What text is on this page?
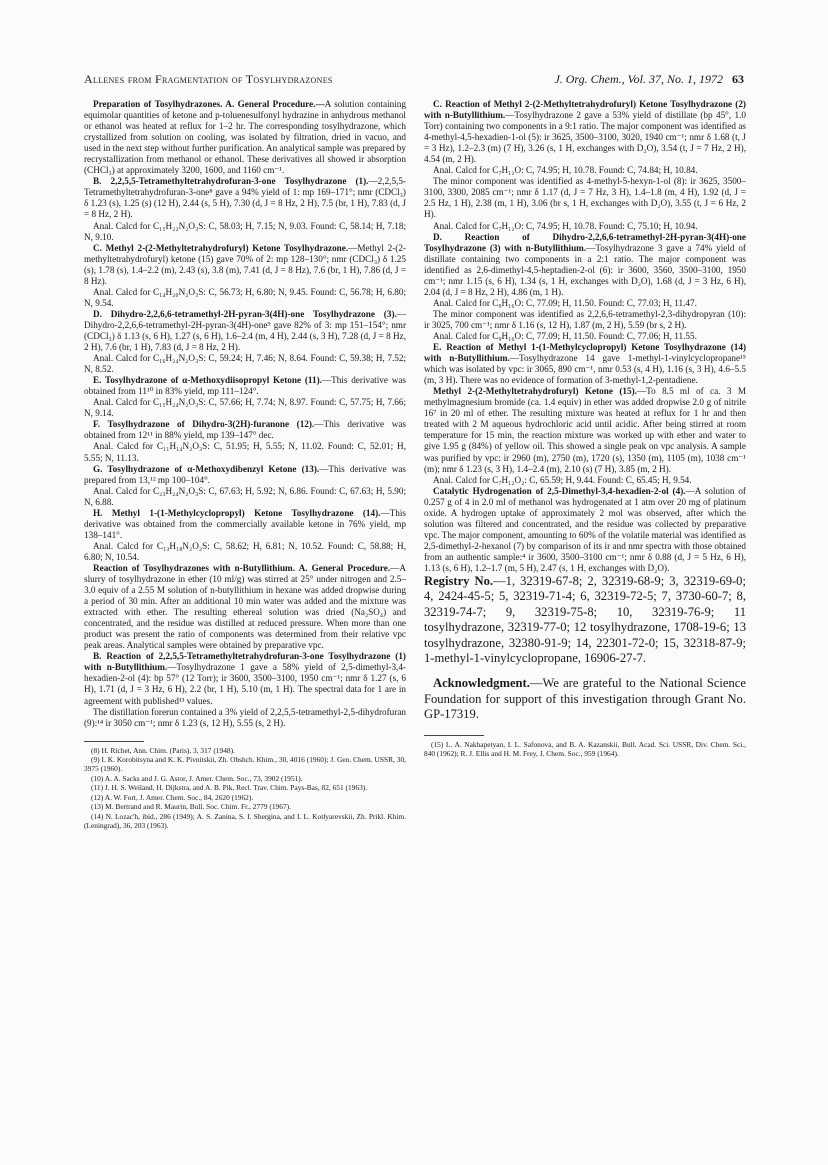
Allenes from Fragmentation of Tosylhydrazones	J. Org. Chem., Vol. 37, No. 1, 1972 63

Preparation of Tosylhydrazones. A. General Procedure.—A solution containing equimolar quantities of ketone and p-toluenesulfonyl hydrazine in anhydrous methanol or ethanol was heated at reflux for 1–2 hr. The corresponding tosylhydrazone, which crystallized from solution on cooling, was isolated by filtration, dried in vacuo, and used in the next step without further purification. An analytical sample was prepared by recrystallization from methanol or ethanol. These derivatives all showed ir absorption (CHCl₃) at approximately 3200, 1600, and 1160 cm⁻¹.

B. 2,2,5,5-Tetramethyltetrahydrofuran-3-one Tosylhydrazone (1).—2,2,5,5-Tetramethyltetrahydrofuran-3-one⁸ gave a 94% yield of 1: mp 169–171°; nmr (CDCl₃) δ 1.23 (s), 1.25 (s) (12 H), 2.44 (s, 5 H), 7.30 (d, J = 8 Hz, 2 H), 7.5 (br, 1 H), 7.83 (d, J = 8 Hz, 2 H).

Anal. Calcd for C₁₅H₂₂N₂O₃S: C, 58.03; H, 7.15; N, 9.03. Found: C, 58.14; H, 7.18; N, 9.10.

C. Methyl 2-(2-Methyltetrahydrofuryl) Ketone Tosylhydrazone.—Methyl 2-(2-methyltetrahydrofuryl) ketone (15) gave 70% of 2: mp 128–130°; nmr (CDCl₃) δ 1.25 (s), 1.78 (s), 1.4–2.2 (m), 2.43 (s), 3.8 (m), 7.41 (d, J = 8 Hz), 7.6 (br, 1 H), 7.86 (d, J = 8 Hz).

Anal. Calcd for C₁₄H₂₀N₂O₃S: C, 56.73; H, 6.80; N, 9.45. Found: C, 56.78; H, 6.80; N, 9.54.

D. Dihydro-2,2,6,6-tetramethyl-2H-pyran-3(4H)-one Tosylhydrazone (3).—Dihydro-2,2,6,6-tetramethyl-2H-pyran-3(4H)-one⁹ gave 82% of 3: mp 151–154°; nmr (CDCl₃) δ 1.13 (s, 6 H), 1.27 (s, 6 H), 1.6–2.4 (m, 4 H), 2.44 (s, 3 H), 7.28 (d, J = 8 Hz, 2 H), 7.6 (br, 1 H), 7.83 (d, J = 8 Hz, 2 H).

Anal. Calcd for C₁₆H₂₄N₂O₃S: C, 59.24; H, 7.46; N, 8.64. Found: C, 59.38; H, 7.52; N, 8.52.

E. Tosylhydrazone of α-Methoxydiisopropyl Ketone (11).—This derivative was obtained from 11¹⁰ in 83% yield, mp 111–124°.

Anal. Calcd for C₁₅H₂₄N₂O₃S: C, 57.66; H, 7.74; N, 8.97. Found: C, 57.75; H, 7.66; N, 9.14.

F. Tosylhydrazone of Dihydro-3(2H)-furanone (12).—This derivative was obtained from 12¹¹ in 88% yield, mp 139–147° dec.

Anal. Calcd for C₁₁H₁₄N₂O₃S: C, 51.95; H, 5.55; N, 11.02. Found: C, 52.01; H, 5.55; N, 11.13.

G. Tosylhydrazone of α-Methoxydibenzyl Ketone (13).—This derivative was prepared from 13,¹² mp 100–104°.

Anal. Calcd for C₂₃H₂₄N₂O₃S: C, 67.63; H, 5.92; N, 6.86. Found: C, 67.63; H, 5.90; N, 6.88.

H. Methyl 1-(1-Methylcyclopropyl) Ketone Tosylhydrazone (14).—This derivative was obtained from the commercially available ketone in 76% yield, mp 138–141°.

Anal. Calcd for C₁₃H₁₈N₂O₂S: C, 58.62; H, 6.81; N, 10.52. Found: C, 58.88; H, 6.80; N, 10.54.

Reaction of Tosylhydrazones with n-Butyllithium. A. General Procedure.—A slurry of tosylhydrazone in ether (10 ml/g) was stirred at 25° under nitrogen and 2.5–3.0 equiv of a 2.55 M solution of n-butyllithium in hexane was added dropwise during a period of 30 min. After an additional 10 min water was added and the mixture was extracted with ether. The resulting ethereal solution was dried (Na₂SO₄) and concentrated, and the residue was distilled at reduced pressure. When more than one product was present the ratio of components was determined from their relative vpc peak areas. Analytical samples were obtained by preparative vpc.

B. Reaction of 2,2,5,5-Tetramethyltetrahydrofuran-3-one Tosylhydrazone (1) with n-Butyllithium.—Tosylhydrazone 1 gave a 58% yield of 2,5-dimethyl-3,4-hexadien-2-ol (4): bp 57° (12 Torr); ir 3600, 3500–3100, 1950 cm⁻¹; nmr δ 1.27 (s, 6 H), 1.71 (d, J = 3 Hz, 6 H), 2.2 (br, 1 H), 5.10 (m, 1 H). The spectral data for 1 are in agreement with published¹³ values.

The distillation forerun contained a 3% yield of 2,2,5,5-tetramethyl-2,5-dihydrofuran (9):¹⁴ ir 3050 cm⁻¹; nmr δ 1.23 (s, 12 H), 5.55 (s, 2 H).

(8) H. Richet, Ann. Chim. (Paris), 3, 317 (1948).

(9) I. K. Korobitsyna and K. K. Pivnitskii, Zh. Obshch. Khim., 30, 4016 (1960); J. Gen. Chem. USSR, 30, 3975 (1960).

(10) A. A. Sacks and J. G. Astor, J. Amer. Chem. Soc., 73, 3902 (1951).

(11) J. H. S. Weiland, H. Dijkstra, and A. B. Pik, Recl. Trav. Chim. Pays-Bas, 82, 651 (1963).

(12) A. W. Fort, J. Amer. Chem. Soc., 84, 2620 (1962).

(13) M. Bertrand and R. Maurin, Bull. Soc. Chim. Fr., 2779 (1967).

(14) N. Lozac'h, ibid., 286 (1949); A. S. Zanina, S. I. Shergina, and I. L. Kotlyarevskii, Zh. Prikl. Khim. (Leningrad), 36, 203 (1963).

C. Reaction of Methyl 2-(2-Methyltetrahydrofuryl) Ketone Tosylhydrazone (2) with n-Butyllithium.—Tosylhydrazone 2 gave a 53% yield of distillate (bp 45°, 1.0 Torr) containing two components in a 9:1 ratio. The major component was identified as 4-methyl-4,5-hexadien-1-ol (5): ir 3625, 3500–3100, 3020, 1940 cm⁻¹; nmr δ 1.68 (t, J = 3 Hz), 1.2–2.3 (m) (7 H), 3.26 (s, 1 H, exchanges with D₂O), 3.54 (t, J = 7 Hz, 2 H), 4.54 (m, 2 H).

Anal. Calcd for C₇H₁₂O: C, 74.95; H, 10.78. Found: C, 74.84; H, 10.84.

The minor component was identified as 4-methyl-5-hexyn-1-ol (8): ir 3625, 3500–3100, 3300, 2085 cm⁻¹; nmr δ 1.17 (d, J = 7 Hz, 3 H), 1.4–1.8 (m, 4 H), 1.92 (d, J = 2.5 Hz, 1 H), 2.38 (m, 1 H), 3.06 (br s, 1 H, exchanges with D₂O), 3.55 (t, J = 6 Hz, 2 H).

Anal. Calcd for C₇H₁₂O: C, 74.95; H, 10.78. Found: C, 75.10; H, 10.94.

D. Reaction of Dihydro-2,2,6,6-tetramethyl-2H-pyran-3(4H)-one Tosylhydrazone (3) with n-Butyllithium.—Tosylhydrazone 3 gave a 74% yield of distillate containing two components in a 2:1 ratio. The major component was identified as 2,6-dimethyl-4,5-heptadien-2-ol (6): ir 3600, 3560, 3500–3100, 1950 cm⁻¹; nmr 1.15 (s, 6 H), 1.34 (s, 1 H, exchanges with D₂O), 1.68 (d, J = 3 Hz, 6 H), 2.04 (d, J = 8 Hz, 2 H), 4.86 (m, 1 H).

Anal. Calcd for C₉H₁₆O: C, 77.09; H, 11.50. Found: C, 77.03; H, 11.47.

The minor component was identified as 2,2,6,6-tetramethyl-2,3-dihydropyran (10): ir 3025, 700 cm⁻¹; nmr δ 1.16 (s, 12 H), 1.87 (m, 2 H), 5.59 (br s, 2 H).

Anal. Calcd for C₉H₁₆O: C, 77.09; H, 11.50. Found: C, 77.06; H, 11.55.

E. Reaction of Methyl 1-(1-Methylcyclopropyl) Ketone Tosylhydrazone (14) with n-Butyllithium.—Tosylhydrazone 14 gave 1-methyl-1-vinylcyclopropane¹⁵ which was isolated by vpc: ir 3065, 890 cm⁻¹, nmr 0.53 (s, 4 H), 1.16 (s, 3 H), 4.6–5.5 (m, 3 H). There was no evidence of formation of 3-methyl-1,2-pentadiene.

Methyl 2-(2-Methyltetrahydrofuryl) Ketone (15).—To 8.5 ml of ca. 3 M methylmagnesium bromide (ca. 1.4 equiv) in ether was added dropwise 2.0 g of nitrile 16⁷ in 20 ml of ether. The resulting mixture was heated at reflux for 1 hr and then treated with 2 M aqueous hydrochloric acid until acidic. After being stirred at room temperature for 15 min, the reaction mixture was worked up with ether and water to give 1.95 g (84%) of yellow oil. This showed a single peak on vpc analysis. A sample was purified by vpc: ir 2960 (m), 2750 (m), 1720 (s), 1350 (m), 1105 (m), 1038 cm⁻¹ (m); nmr δ 1.23 (s, 3 H), 1.4–2.4 (m), 2.10 (s) (7 H), 3.85 (m, 2 H).

Anal. Calcd for C₇H₁₂O₂: C, 65.59; H, 9.44. Found: C, 65.45; H, 9.54.

Catalytic Hydrogenation of 2,5-Dimethyl-3,4-hexadien-2-ol (4).—A solution of 0.257 g of 4 in 2.0 ml of methanol was hydrogenated at 1 atm over 20 mg of platinum oxide. A hydrogen uptake of approximately 2 mol was observed, after which the solution was filtered and concentrated, and the residue was collected by preparative vpc. The major component, amounting to 60% of the volatile material was identified as 2,5-dimethyl-2-hexanol (7) by comparison of its ir and nmr spectra with those obtained from an authentic sample:⁴ ir 3600, 3500–3100 cm⁻¹; nmr δ 0.88 (d, J = 5 Hz, 6 H), 1.13 (s, 6 H), 1.2–1.7 (m, 5 H), 2.47 (s, 1 H, exchanges with D₂O).

Registry No.—1, 32319-67-8; 2, 32319-68-9; 3, 32319-69-0; 4, 2424-45-5; 5, 32319-71-4; 6, 32319-72-5; 7, 3730-60-7; 8, 32319-74-7; 9, 32319-75-8; 10, 32319-76-9; 11 tosylhydrazone, 32319-77-0; 12 tosylhydrazone, 1708-19-6; 13 tosylhydrazone, 32380-91-9; 14, 22301-72-0; 15, 32318-87-9; 1-methyl-1-vinylcyclopropane, 16906-27-7.

Acknowledgment.—We are grateful to the National Science Foundation for support of this investigation through Grant No. GP-17319.

(15) L. A. Nakhapetyan, I. L. Safonova, and B. A. Kazanskii, Bull. Acad. Sci. USSR, Div. Chem. Sci., 840 (1962); R. J. Ellis and H. M. Frey, J. Chem. Soc., 959 (1964).
